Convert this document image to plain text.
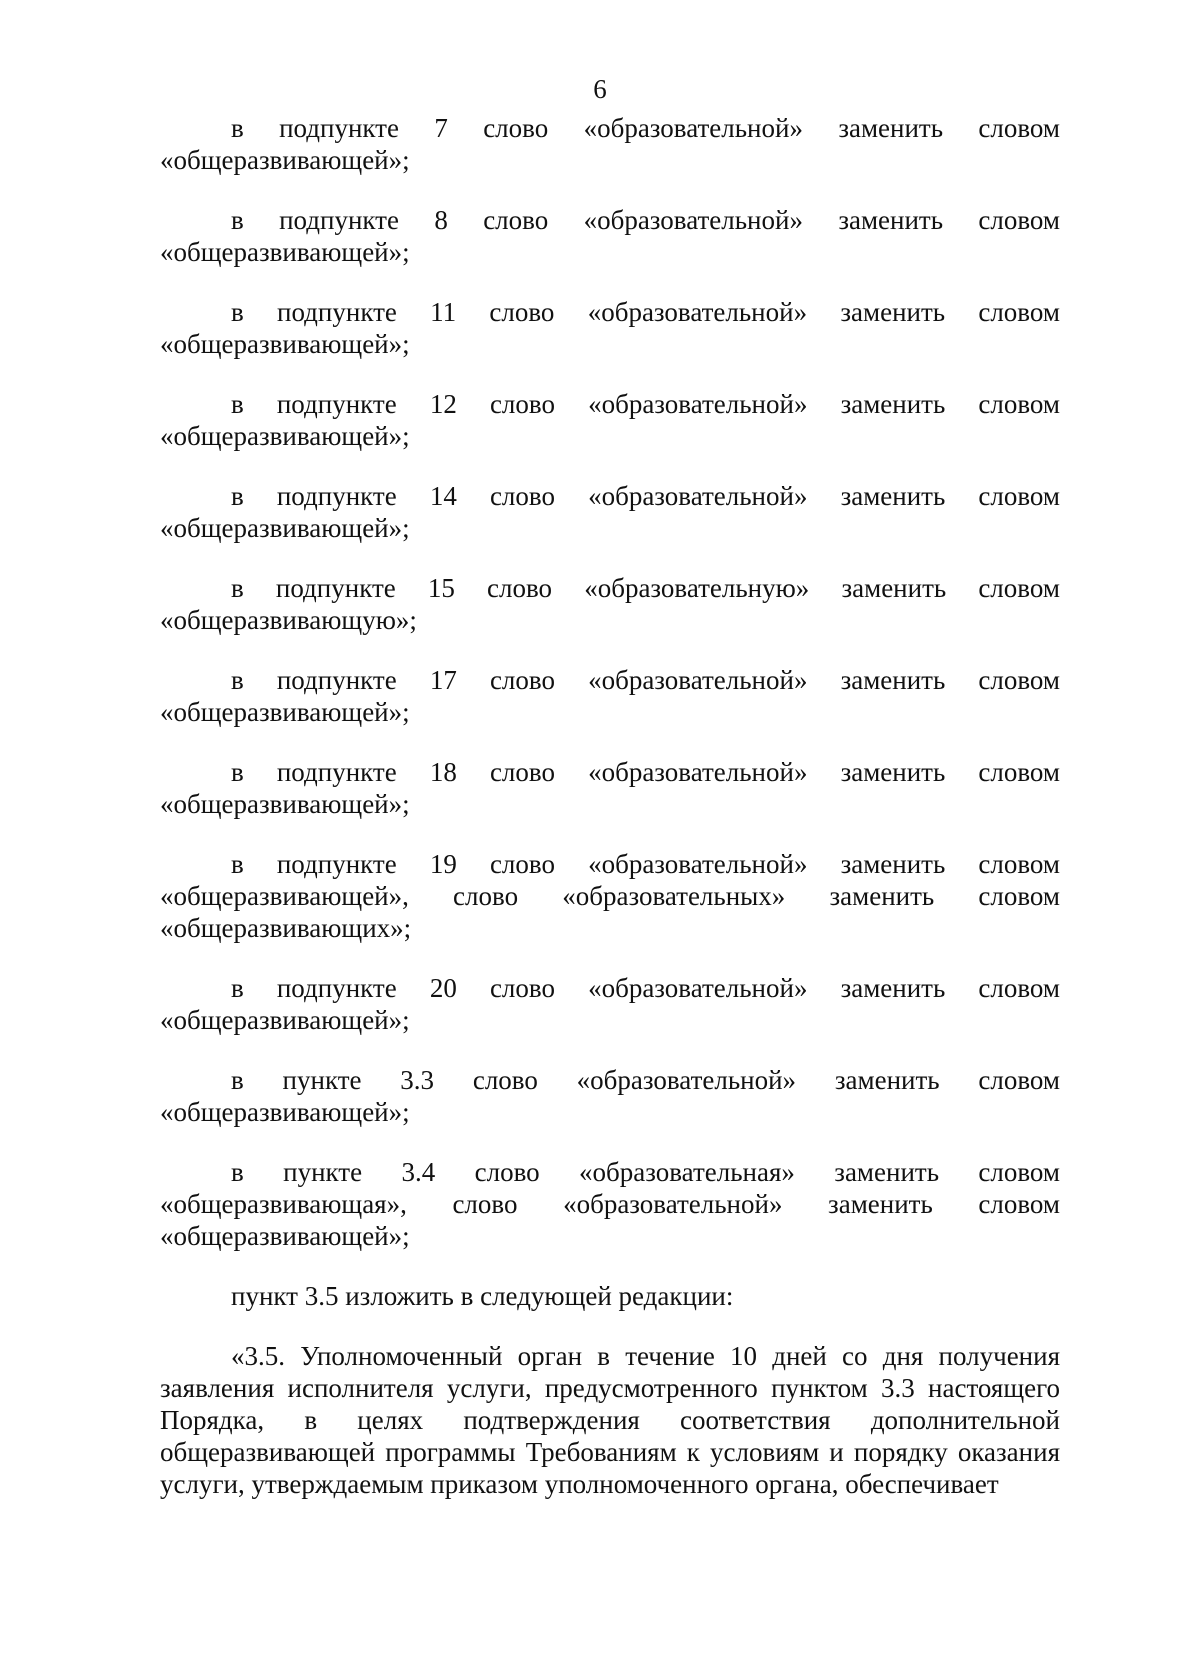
6
в подпункте 7 слово «образовательной» заменить словом
«общеразвивающей»;
в подпункте 8 слово «образовательной» заменить словом
«общеразвивающей»;
в подпункте 11 слово «образовательной» заменить словом
«общеразвивающей»;
в подпункте 12 слово «образовательной» заменить словом
«общеразвивающей»;
в подпункте 14 слово «образовательной» заменить словом
«общеразвивающей»;
в подпункте 15 слово «образовательную» заменить словом
«общеразвивающую»;
в подпункте 17 слово «образовательной» заменить словом
«общеразвивающей»;
в подпункте 18 слово «образовательной» заменить словом
«общеразвивающей»;
в подпункте 19 слово «образовательной» заменить словом
«общеразвивающей», слово «образовательных» заменить словом
«общеразвивающих»;
в подпункте 20 слово «образовательной» заменить словом
«общеразвивающей»;
в пункте 3.3 слово «образовательной» заменить словом
«общеразвивающей»;
в пункте 3.4 слово «образовательная» заменить словом
«общеразвивающая», слово «образовательной» заменить словом
«общеразвивающей»;
пункт 3.5 изложить в следующей редакции:
«3.5. Уполномоченный орган в течение 10 дней со дня получения заявления исполнителя услуги, предусмотренного пунктом 3.3 настоящего Порядка, в целях подтверждения соответствия дополнительной общеразвивающей программы Требованиям к условиям и порядку оказания услуги, утверждаемым приказом уполномоченного органа, обеспечивает
